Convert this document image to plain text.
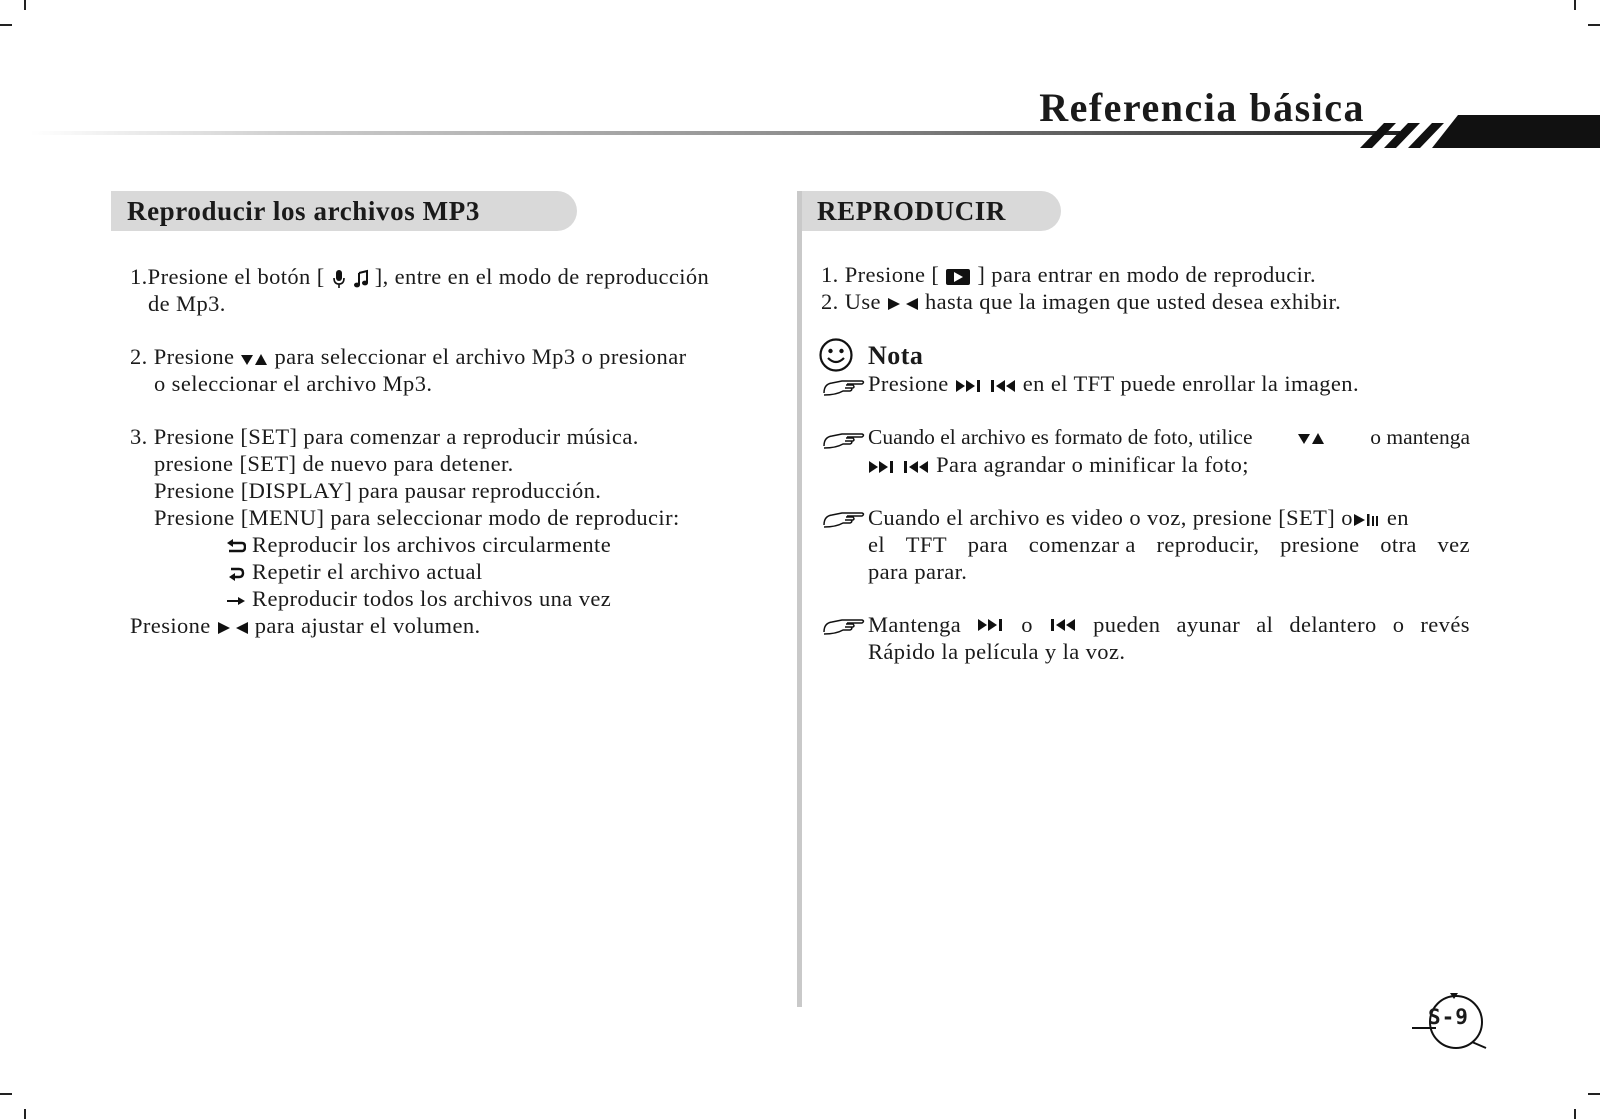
Referencia básica
Reproducir los archivos MP3	REPRODUCIR
1.Presione el botón [
], entre en el modo de reproducción
de Mp3.
2. Presione para seleccionar el archivo Mp3 o presionar
o seleccionar el archivo Mp3.
3. Presione [SET] para comenzar a reproducir música.
presione [SET] de nuevo para detener.
Presione [DISPLAY] para pausar reproducción.
Presione [MENU] para seleccionar modo de reproducir:
Reproducir los archivos circularmente
Repetir el archivo actual
Reproducir todos los archivos una vez
Presione para ajustar el volumen.
1. Presione [ ] para entrar en modo de reproducir.
2. Use hasta que la imagen que usted desea exhibir.
Nota
Presione
	en el TFT puede enrollar la imagen.
Cuando el archivo es formato de foto, utilice	o mantenga

Para agrandar o minificar la foto;
Cuando el archivo es video o voz, presione [SET] o en
el TFT para comenzar a reproducir, presione otra vez
para parar.
Mantenga	o	pueden ayunar al delantero o revés
Rápido la película y la voz.
S-9
